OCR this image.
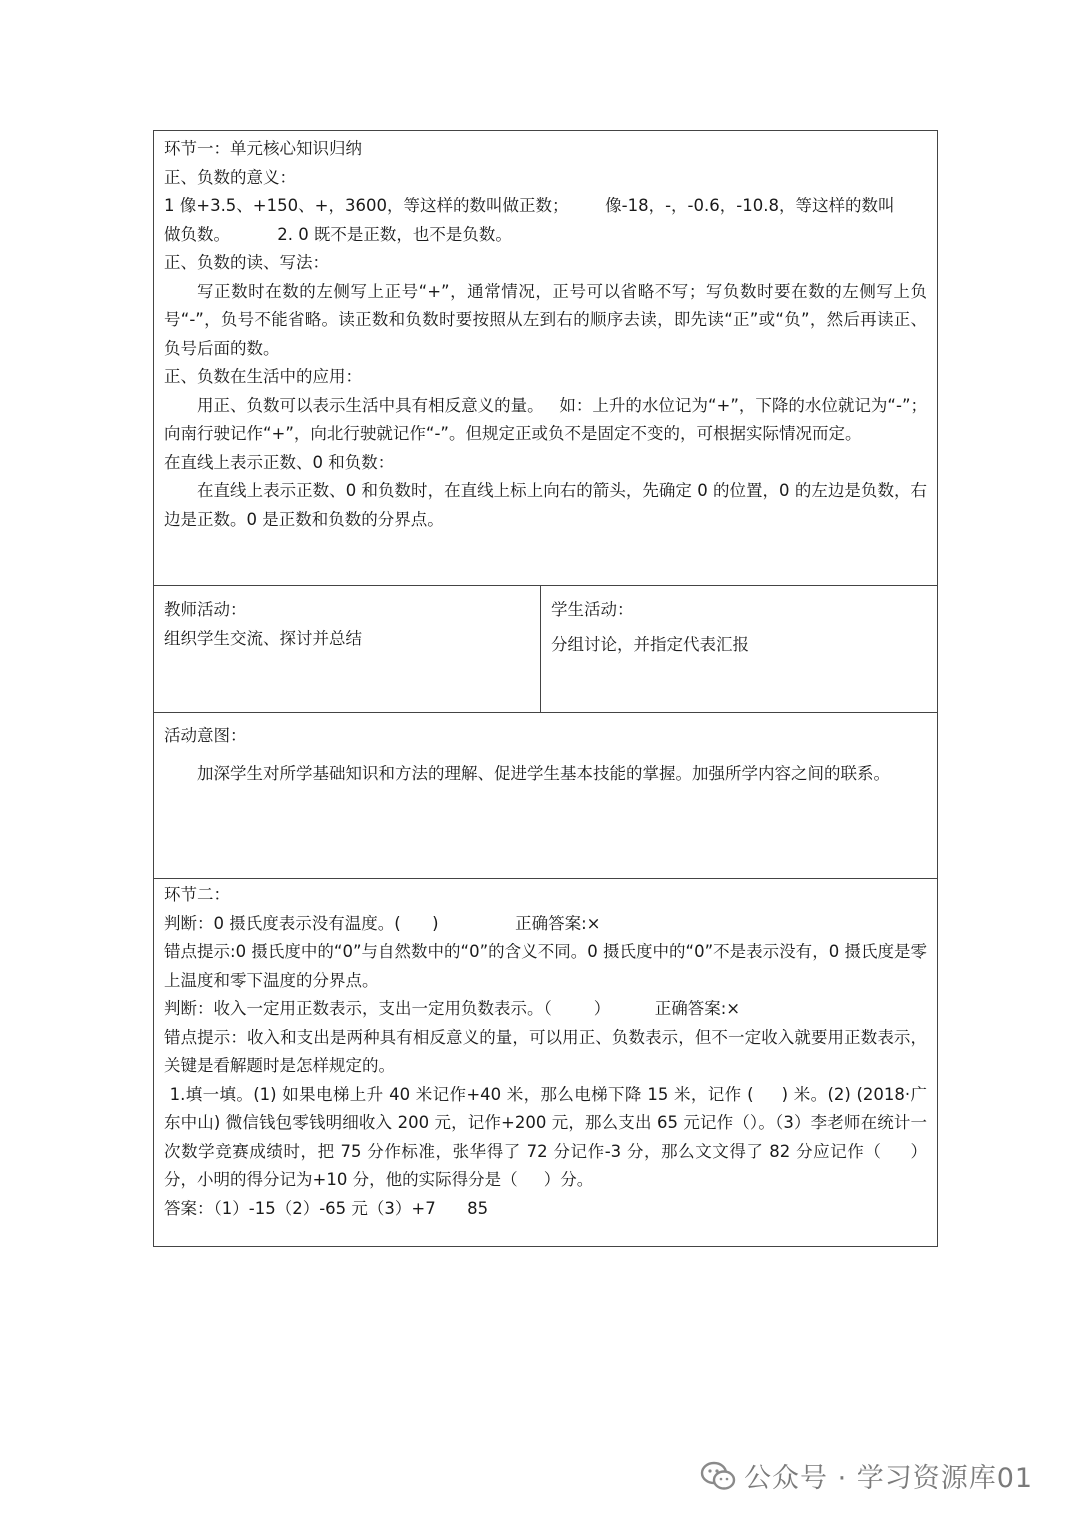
环节一：单元核心知识归纳
正、负数的意义：
1 像+3.5、+150、+，3600，等这样的数叫做正数；       像-18，-，-0.6，-10.8，等这样的数叫
做负数。         2. 0 既不是正数，也不是负数。
正、负数的读、写法：
写正数时在数的左侧写上正号“+”，通常情况，正号可以省略不写；写负数时要在数的左侧写上负号“-”，负号不能省略。读正数和负数时要按照从左到右的顺序去读，即先读“正”或“负”，然后再读正、负号后面的数。
正、负数在生活中的应用：
用正、负数可以表示生活中具有相反意义的量。   如：上升的水位记为“+”，下降的水位就记为“-”；向南行驶记作“+”，向北行驶就记作“-”。但规定正或负不是固定不变的，可根据实际情况而定。
在直线上表示正数、0 和负数：
在直线上表示正数、0 和负数时，在直线上标上向右的箭头，先确定 0 的位置，0 的左边是负数，右边是正数。0 是正数和负数的分界点。
教师活动：
组织学生交流、探讨并总结
学生活动：
分组讨论，并指定代表汇报
活动意图：
加深学生对所学基础知识和方法的理解、促进学生基本技能的掌握。加强所学内容之间的联系。
环节二：
判断：0 摄氏度表示没有温度。(      )	正确答案:×
错点提示:0 摄氏度中的“0”与自然数中的“0”的含义不同。0 摄氏度中的“0”不是表示没有，0 摄氏度是零上温度和零下温度的分界点。
判断：收入一定用正数表示，支出一定用负数表示。（        ）	正确答案:×
错点提示：收入和支出是两种具有相反意义的量，可以用正、负数表示，但不一定收入就要用正数表示，关键是看解题时是怎样规定的。
1.填一填。(1) 如果电梯上升 40 米记作+40 米，那么电梯下降 15 米，记作 (     ) 米。(2) (2018·广东中山) 微信钱包零钱明细收入 200 元，记作+200 元，那么支出 65 元记作（）。（3）李老师在统计一次数学竞赛成绩时，把 75 分作标准，张华得了 72 分记作-3 分，那么文文得了 82 分应记作（     ）分，小明的得分记为+10 分，他的实际得分是（     ）分。
答案：（1）-15（2）-65 元（3）+7      85
公众号 · 学习资源库01
